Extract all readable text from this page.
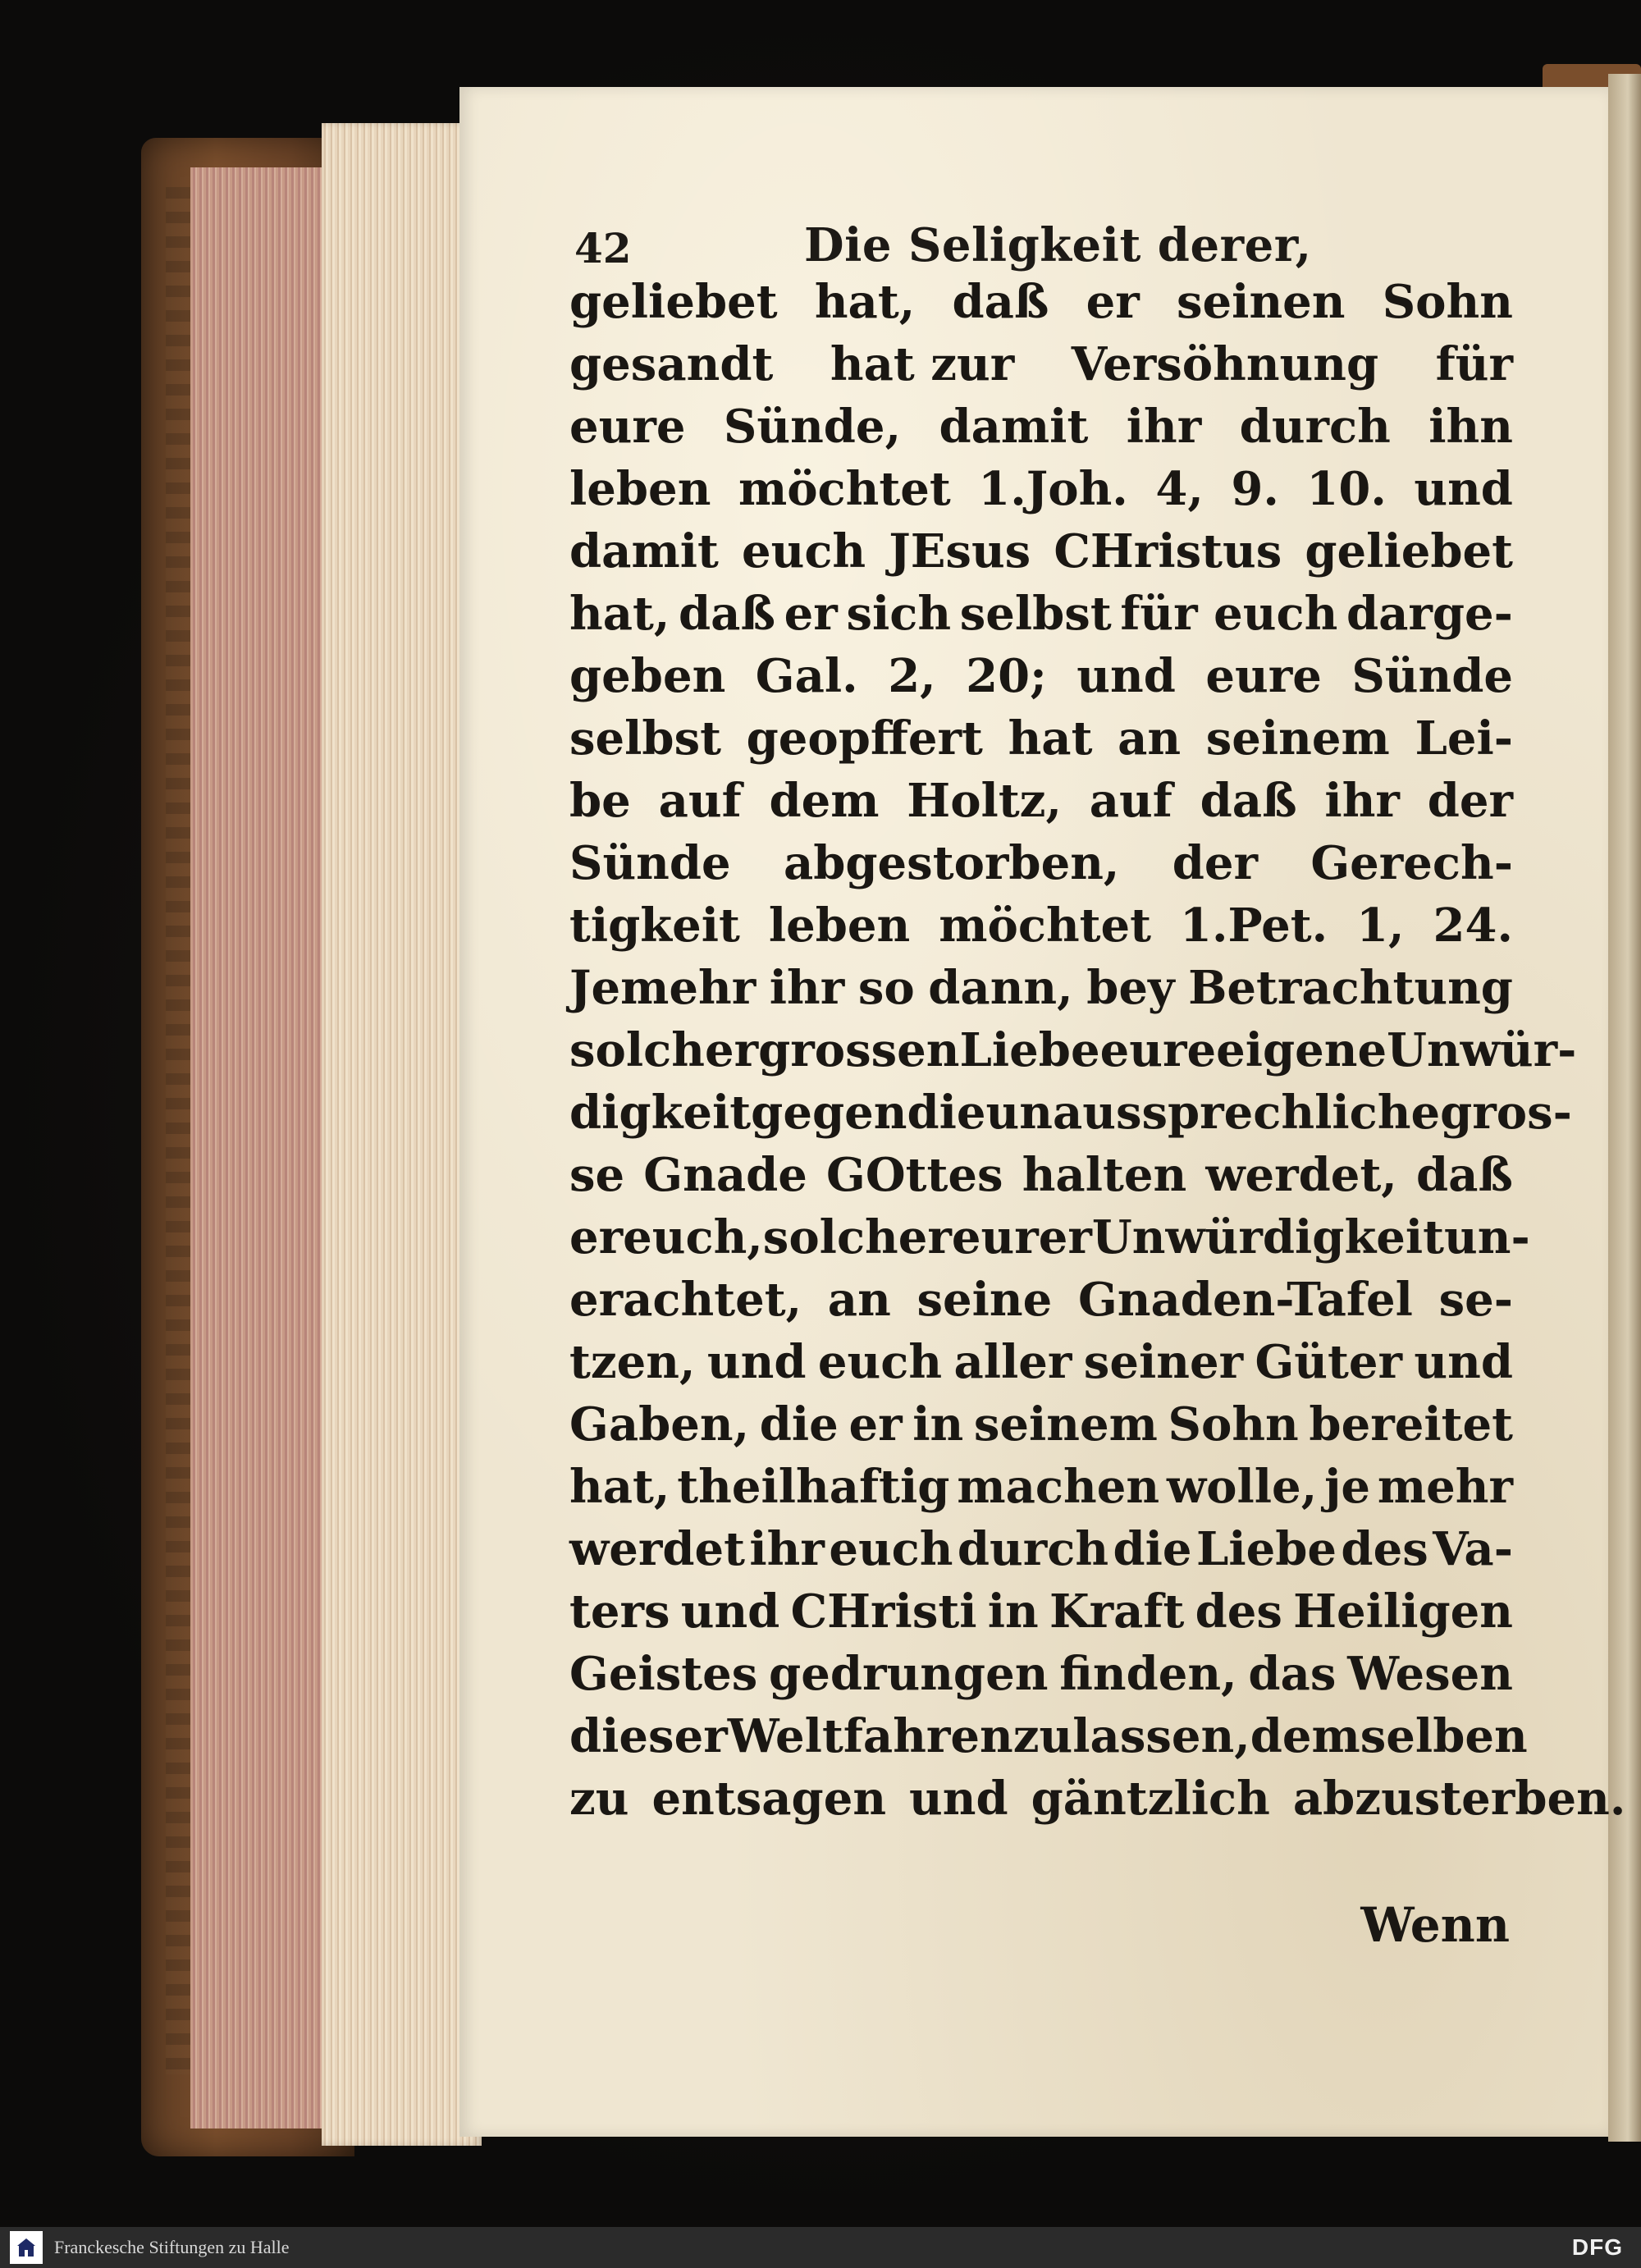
42	Die Seligkeit derer,
geliebet hat, daß er seinen Sohn
gesandt hat zur Versöhnung für
eure Sünde, damit ihr durch ihn
leben möchtet 1.Joh. 4, 9. 10. und
damit euch JEsus CHristus geliebet
hat, daß er sich selbst für euch darge-
geben Gal. 2, 20; und eure Sünde
selbst geopffert hat an seinem Lei-
be auf dem Holtz, auf daß ihr der
Sünde abgestorben, der Gerech-
tigkeit leben möchtet 1.Pet. 1, 24.
Jemehr ihr so dann, bey Betrachtung
solcher grossen Liebe eure eigene Unwür-
digkeit gegen die unaussprechliche gros-
se Gnade GOttes halten werdet, daß
er euch, solcher eurer Unwürdigkeit un-
erachtet, an seine Gnaden-Tafel se-
tzen, und euch aller seiner Güter und
Gaben, die er in seinem Sohn bereitet
hat, theilhaftig machen wolle, je mehr
werdet ihr euch durch die Liebe des Va-
ters und CHristi in Kraft des Heiligen
Geistes gedrungen finden, das Wesen
dieser Welt fahren zu lassen, demselben
zu entsagen und gäntzlich abzusterben.
Wenn
Franckesche Stiftungen zu Halle	DFG
